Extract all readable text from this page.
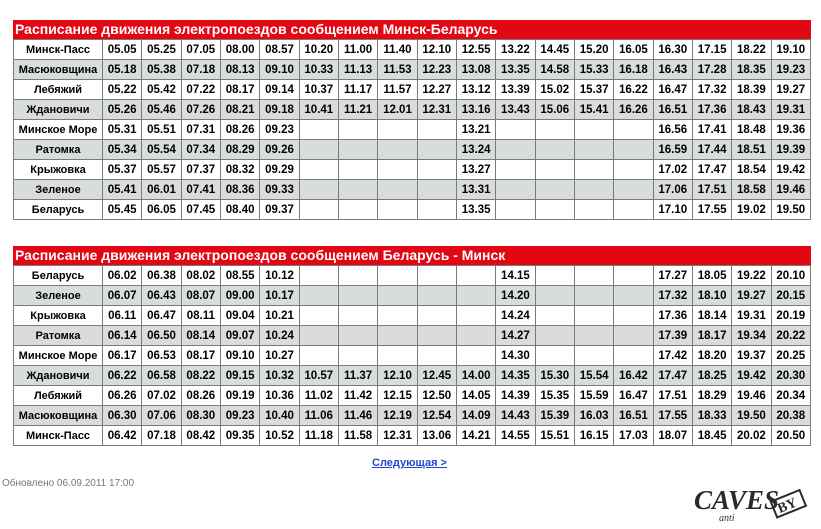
Расписание движения электропоездов сообщением Минск-Беларусь
Минск-Пасс	05.05	05.25	07.05	08.00	08.57	10.20	11.00	11.40	12.10	12.55	13.22	14.45	15.20	16.05	16.30	17.15	18.22	19.10
Масюковщина	05.18	05.38	07.18	08.13	09.10	10.33	11.13	11.53	12.23	13.08	13.35	14.58	15.33	16.18	16.43	17.28	18.35	19.23
Лебяжий	05.22	05.42	07.22	08.17	09.14	10.37	11.17	11.57	12.27	13.12	13.39	15.02	15.37	16.22	16.47	17.32	18.39	19.27
Ждановичи	05.26	05.46	07.26	08.21	09.18	10.41	11.21	12.01	12.31	13.16	13.43	15.06	15.41	16.26	16.51	17.36	18.43	19.31
Минское Море	05.31	05.51	07.31	08.26	09.23					13.21					16.56	17.41	18.48	19.36
Ратомка	05.34	05.54	07.34	08.29	09.26					13.24					16.59	17.44	18.51	19.39
Крыжовка	05.37	05.57	07.37	08.32	09.29					13.27					17.02	17.47	18.54	19.42
Зеленое	05.41	06.01	07.41	08.36	09.33					13.31					17.06	17.51	18.58	19.46
Беларусь	05.45	06.05	07.45	08.40	09.37					13.35					17.10	17.55	19.02	19.50
Расписание движения электропоездов сообщением Беларусь - Минск
Беларусь	06.02	06.38	08.02	08.55	10.12						14.15				17.27	18.05	19.22	20.10
Зеленое	06.07	06.43	08.07	09.00	10.17						14.20				17.32	18.10	19.27	20.15
Крыжовка	06.11	06.47	08.11	09.04	10.21						14.24				17.36	18.14	19.31	20.19
Ратомка	06.14	06.50	08.14	09.07	10.24						14.27				17.39	18.17	19.34	20.22
Минское Море	06.17	06.53	08.17	09.10	10.27						14.30				17.42	18.20	19.37	20.25
Ждановичи	06.22	06.58	08.22	09.15	10.32	10.57	11.37	12.10	12.45	14.00	14.35	15.30	15.54	16.42	17.47	18.25	19.42	20.30
Лебяжий	06.26	07.02	08.26	09.19	10.36	11.02	11.42	12.15	12.50	14.05	14.39	15.35	15.59	16.47	17.51	18.29	19.46	20.34
Масюковщина	06.30	07.06	08.30	09.23	10.40	11.06	11.46	12.19	12.54	14.09	14.43	15.39	16.03	16.51	17.55	18.33	19.50	20.38
Минск-Пасс	06.42	07.18	08.42	09.35	10.52	11.18	11.58	12.31	13.06	14.21	14.55	15.51	16.15	17.03	18.07	18.45	20.02	20.50
Следующая >
Обновлено 06.09.2011 17:00
CAVES
anti
BY
